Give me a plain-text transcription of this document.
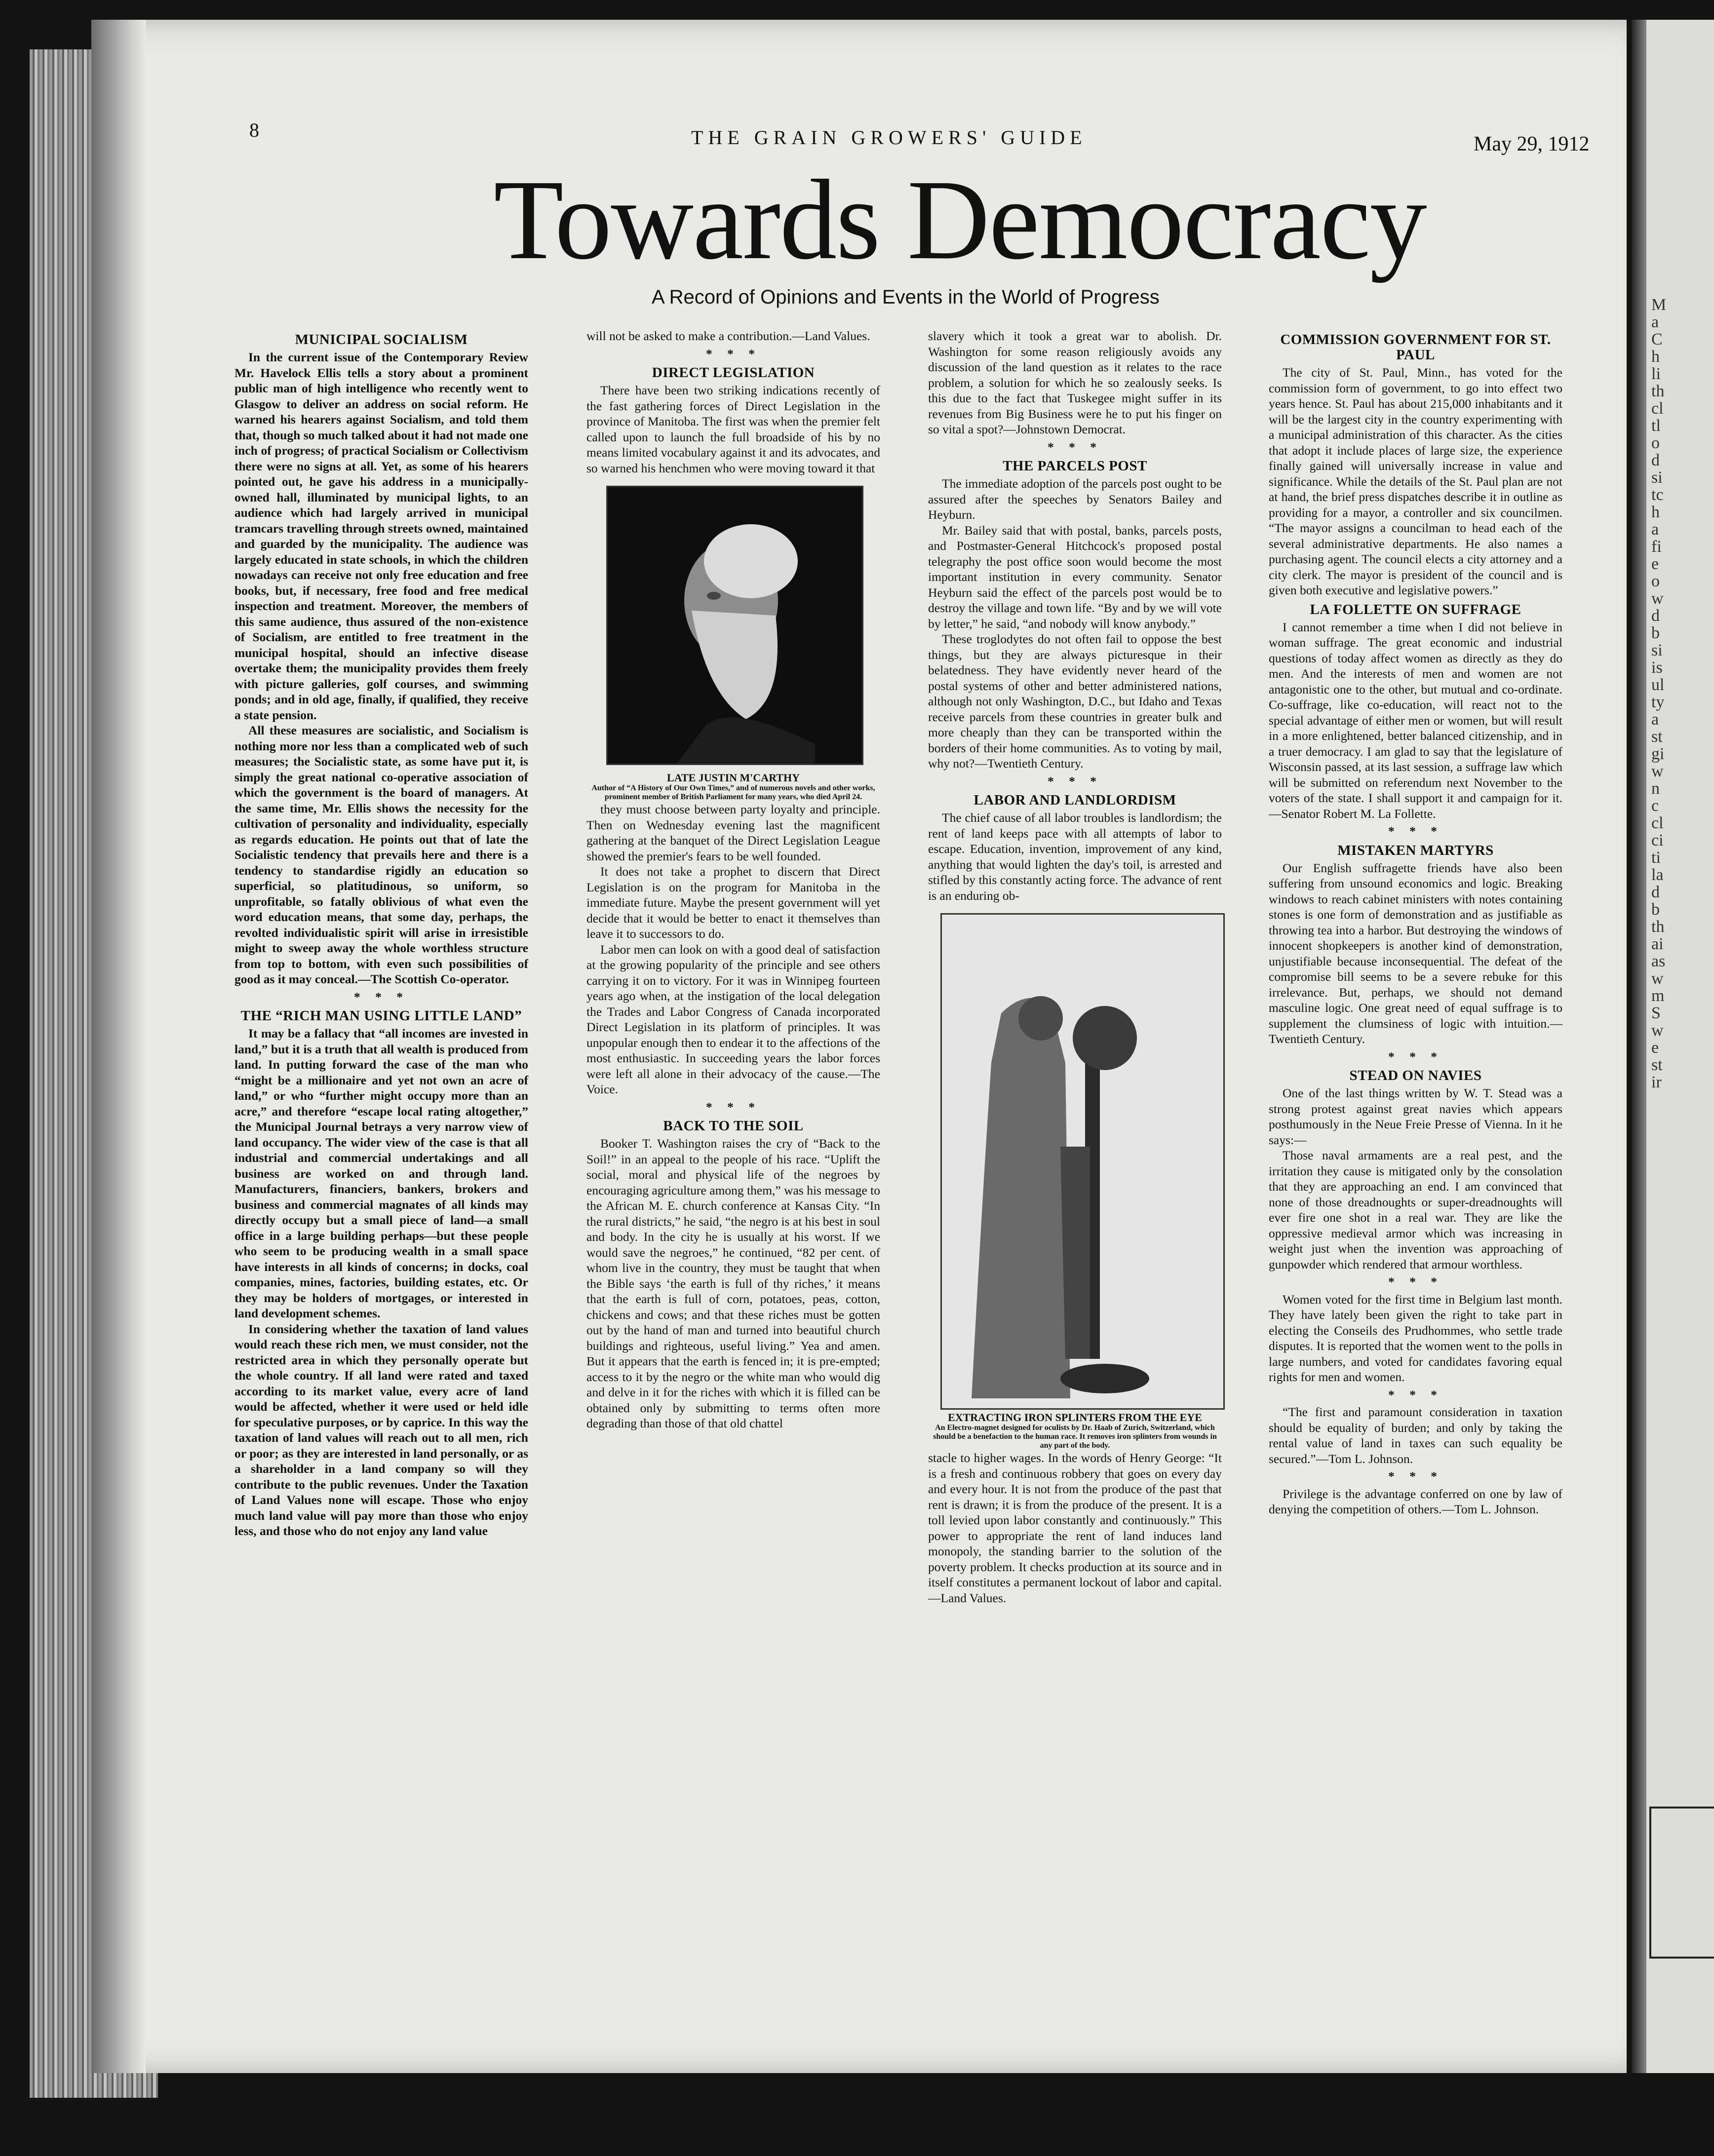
M
a
C
h
li
th
cl
tl
o
d
si
tc
h
a
fi
e
o
w
d
b
si
is
ul
ty
a
st
gi
w
n
c
cl
ci
ti
la
d
b
th
ai
as
w
m
S
w
e
st
ir
8	THE GRAIN GROWERS' GUIDE	May 29, 1912
Towards Democracy
A Record of Opinions and Events in the World of Progress
MUNICIPAL SOCIALISM

In the current issue of the Contemporary Review Mr. Havelock Ellis tells a story about a prominent public man of high intelligence who recently went to Glasgow to deliver an address on social reform. He warned his hearers against Socialism, and told them that, though so much talked about it had not made one inch of progress; of practical Socialism or Collectivism there were no signs at all. Yet, as some of his hearers pointed out, he gave his address in a municipally-owned hall, illuminated by municipal lights, to an audience which had largely arrived in municipal tramcars travelling through streets owned, maintained and guarded by the municipality. The audience was largely educated in state schools, in which the children nowadays can receive not only free education and free books, but, if necessary, free food and free medical inspection and treatment. Moreover, the members of this same audience, thus assured of the non-existence of Socialism, are entitled to free treatment in the municipal hospital, should an infective disease overtake them; the municipality provides them freely with picture galleries, golf courses, and swimming ponds; and in old age, finally, if qualified, they receive a state pension.

All these measures are socialistic, and Socialism is nothing more nor less than a complicated web of such measures; the Socialistic state, as some have put it, is simply the great national co-operative association of which the government is the board of managers. At the same time, Mr. Ellis shows the necessity for the cultivation of personality and individuality, especially as regards education. He points out that of late the Socialistic tendency that prevails here and there is a tendency to standardise rigidly an education so superficial, so platitudinous, so uniform, so unprofitable, so fatally oblivious of what even the word education means, that some day, perhaps, the revolted individualistic spirit will arise in irresistible might to sweep away the whole worthless structure from top to bottom, with even such possibilities of good as it may conceal.—The Scottish Co-operator.

* * *
THE “RICH MAN USING LITTLE LAND”

It may be a fallacy that “all incomes are invested in land,” but it is a truth that all wealth is produced from land. In putting forward the case of the man who “might be a millionaire and yet not own an acre of land,” or who “further might occupy more than an acre,” and therefore “escape local rating altogether,” the Municipal Journal betrays a very narrow view of land occupancy. The wider view of the case is that all industrial and commercial undertakings and all business are worked on and through land. Manufacturers, financiers, bankers, brokers and business and commercial magnates of all kinds may directly occupy but a small piece of land—a small office in a large building perhaps—but these people who seem to be producing wealth in a small space have interests in all kinds of concerns; in docks, coal companies, mines, factories, building estates, etc. Or they may be holders of mortgages, or interested in land development schemes.

In considering whether the taxation of land values would reach these rich men, we must consider, not the restricted area in which they personally operate but the whole country. If all land were rated and taxed according to its market value, every acre of land would be affected, whether it were used or held idle for speculative purposes, or by caprice. In this way the taxation of land values will reach out to all men, rich or poor; as they are interested in land personally, or as a shareholder in a land company so will they contribute to the public revenues. Under the Taxation of Land Values none will escape. Those who enjoy much land value will pay more than those who enjoy less, and those who do not enjoy any land value

will not be asked to make a contribution.—Land Values.

* * *
DIRECT LEGISLATION

There have been two striking indications recently of the fast gathering forces of Direct Legislation in the province of Manitoba. The first was when the premier felt called upon to launch the full broadside of his by no means limited vocabulary against it and its advocates, and so warned his henchmen who were moving toward it that

LATE JUSTIN M'CARTHY
Author of “A History of Our Own Times,” and of numerous novels and other works, prominent member of British Parliament for many years, who died April 24.

they must choose between party loyalty and principle. Then on Wednesday evening last the magnificent gathering at the banquet of the Direct Legislation League showed the premier's fears to be well founded.

It does not take a prophet to discern that Direct Legislation is on the program for Manitoba in the immediate future. Maybe the present government will yet decide that it would be better to enact it themselves than leave it to successors to do.

Labor men can look on with a good deal of satisfaction at the growing popularity of the principle and see others carrying it on to victory. For it was in Winnipeg fourteen years ago when, at the instigation of the local delegation the Trades and Labor Congress of Canada incorporated Direct Legislation in its platform of principles. It was unpopular enough then to endear it to the affections of the most enthusiastic. In succeeding years the labor forces were left all alone in their advocacy of the cause.—The Voice.

* * *
BACK TO THE SOIL

Booker T. Washington raises the cry of “Back to the Soil!” in an appeal to the people of his race. “Uplift the social, moral and physical life of the negroes by encouraging agriculture among them,” was his message to the African M. E. church conference at Kansas City. “In the rural districts,” he said, “the negro is at his best in soul and body. In the city he is usually at his worst. If we would save the negroes,” he continued, “82 per cent. of whom live in the country, they must be taught that when the Bible says ‘the earth is full of thy riches,’ it means that the earth is full of corn, potatoes, peas, cotton, chickens and cows; and that these riches must be gotten out by the hand of man and turned into beautiful church buildings and righteous, useful living.” Yea and amen. But it appears that the earth is fenced in; it is pre-empted; access to it by the negro or the white man who would dig and delve in it for the riches with which it is filled can be obtained only by submitting to terms often more degrading than those of that old chattel

slavery which it took a great war to abolish. Dr. Washington for some reason religiously avoids any discussion of the land question as it relates to the race problem, a solution for which he so zealously seeks. Is this due to the fact that Tuskegee might suffer in its revenues from Big Business were he to put his finger on so vital a spot?—Johnstown Democrat.

* * *
THE PARCELS POST

The immediate adoption of the parcels post ought to be assured after the speeches by Senators Bailey and Heyburn.

Mr. Bailey said that with postal, banks, parcels posts, and Postmaster-General Hitchcock's proposed postal telegraphy the post office soon would become the most important institution in every community. Senator Heyburn said the effect of the parcels post would be to destroy the village and town life. “By and by we will vote by letter,” he said, “and nobody will know anybody.”

These troglodytes do not often fail to oppose the best things, but they are always picturesque in their belatedness. They have evidently never heard of the postal systems of other and better administered nations, although not only Washington, D.C., but Idaho and Texas receive parcels from these countries in greater bulk and more cheaply than they can be transported within the borders of their home communities. As to voting by mail, why not?—Twentieth Century.

* * *
LABOR AND LANDLORDISM

The chief cause of all labor troubles is landlordism; the rent of land keeps pace with all attempts of labor to escape. Education, invention, improvement of any kind, anything that would lighten the day's toil, is arrested and stifled by this constantly acting force. The advance of rent is an enduring ob-

EXTRACTING IRON SPLINTERS FROM THE EYE
An Electro-magnet designed for oculists by Dr. Haab of Zurich, Switzerland, which should be a benefaction to the human race. It removes iron splinters from wounds in any part of the body.

stacle to higher wages. In the words of Henry George: “It is a fresh and continuous robbery that goes on every day and every hour. It is not from the produce of the past that rent is drawn; it is from the produce of the present. It is a toll levied upon labor constantly and continuously.” This power to appropriate the rent of land induces land monopoly, the standing barrier to the solution of the poverty problem. It checks production at its source and in itself constitutes a permanent lockout of labor and capital.—Land Values.

COMMISSION GOVERNMENT FOR ST. PAUL

The city of St. Paul, Minn., has voted for the commission form of government, to go into effect two years hence. St. Paul has about 215,000 inhabitants and it will be the largest city in the country experimenting with a municipal administration of this character. As the cities that adopt it include places of large size, the experience finally gained will universally increase in value and significance. While the details of the St. Paul plan are not at hand, the brief press dispatches describe it in outline as providing for a mayor, a controller and six councilmen. “The mayor assigns a councilman to head each of the several administrative departments. He also names a purchasing agent. The council elects a city attorney and a city clerk. The mayor is president of the council and is given both executive and legislative powers.”

LA FOLLETTE ON SUFFRAGE

I cannot remember a time when I did not believe in woman suffrage. The great economic and industrial questions of today affect women as directly as they do men. And the interests of men and women are not antagonistic one to the other, but mutual and co-ordinate. Co-suffrage, like co-education, will react not to the special advantage of either men or women, but will result in a more enlightened, better balanced citizenship, and in a truer democracy. I am glad to say that the legislature of Wisconsin passed, at its last session, a suffrage law which will be submitted on referendum next November to the voters of the state. I shall support it and campaign for it.—Senator Robert M. La Follette.

* * *
MISTAKEN MARTYRS

Our English suffragette friends have also been suffering from unsound economics and logic. Breaking windows to reach cabinet ministers with notes containing stones is one form of demonstration and as justifiable as throwing tea into a harbor. But destroying the windows of innocent shopkeepers is another kind of demonstration, unjustifiable because inconsequential. The defeat of the compromise bill seems to be a severe rebuke for this irrelevance. But, perhaps, we should not demand masculine logic. One great need of equal suffrage is to supplement the clumsiness of logic with intuition.—Twentieth Century.

* * *
STEAD ON NAVIES

One of the last things written by W. T. Stead was a strong protest against great navies which appears posthumously in the Neue Freie Presse of Vienna. In it he says:—

Those naval armaments are a real pest, and the irritation they cause is mitigated only by the consolation that they are approaching an end. I am convinced that none of those dreadnoughts or super-dreadnoughts will ever fire one shot in a real war. They are like the oppressive medieval armor which was increasing in weight just when the invention was approaching of gunpowder which rendered that armour worthless.

* * *

Women voted for the first time in Belgium last month. They have lately been given the right to take part in electing the Conseils des Prudhommes, who settle trade disputes. It is reported that the women went to the polls in large numbers, and voted for candidates favoring equal rights for men and women.

* * *

“The first and paramount consideration in taxation should be equality of burden; and only by taking the rental value of land in taxes can such equality be secured.”—Tom L. Johnson.

* * *

Privilege is the advantage conferred on one by law of denying the competition of others.—Tom L. Johnson.
